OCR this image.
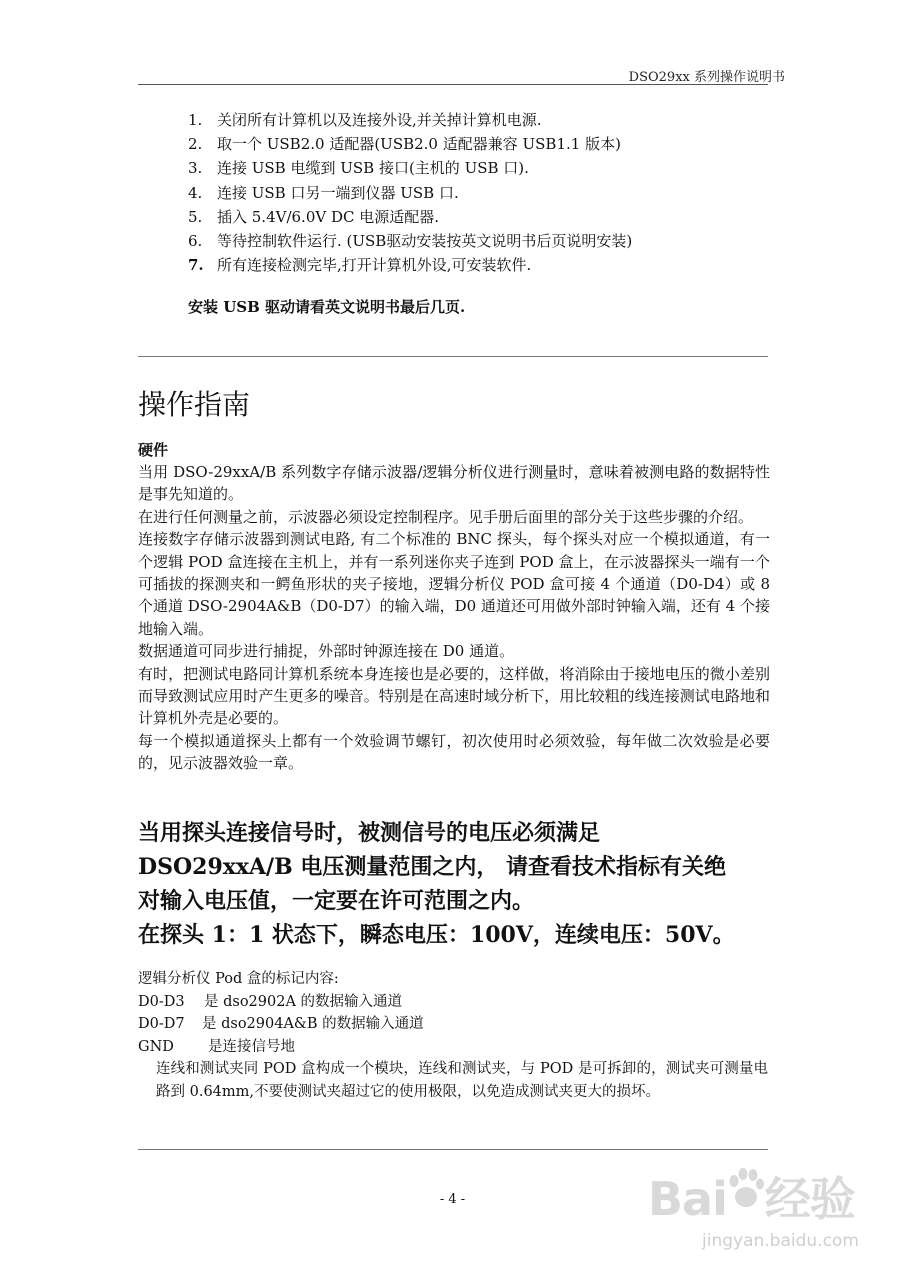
DSO29xx 系列操作说明书
1. 关闭所有计算机以及连接外设,并关掉计算机电源.
2. 取一个 USB2.0 适配器(USB2.0 适配器兼容 USB1.1 版本)
3. 连接 USB 电缆到 USB 接口(主机的 USB 口).
4. 连接 USB 口另一端到仪器 USB 口.
5. 插入 5.4V/6.0V DC 电源适配器.
6. 等待控制软件运行. (USB驱动安装按英文说明书后页说明安装)
7. 所有连接检测完毕,打开计算机外设,可安装软件.
安装 USB 驱动请看英文说明书最后几页.
操作指南
硬件

当用 DSO-29xxA/B 系列数字存储示波器/逻辑分析仪进行测量时，意味着被测电路的数据特性是事先知道的。

在进行任何测量之前，示波器必须设定控制程序。见手册后面里的部分关于这些步骤的介绍。

连接数字存储示波器到测试电路, 有二个标准的 BNC 探头，每个探头对应一个模拟通道，有一个逻辑 POD 盒连接在主机上，并有一系列迷你夹子连到 POD 盒上，在示波器探头一端有一个可插拔的探测夹和一鳄鱼形状的夹子接地，逻辑分析仪 POD 盒可接 4 个通道（D0-D4）或 8 个通道 DSO-2904A&B（D0-D7）的输入端，D0 通道还可用做外部时钟输入端，还有 4 个接地输入端。

数据通道可同步进行捕捉，外部时钟源连接在 D0 通道。

有时，把测试电路同计算机系统本身连接也是必要的，这样做，将消除由于接地电压的微小差别而导致测试应用时产生更多的噪音。特别是在高速时域分析下，用比较粗的线连接测试电路地和计算机外壳是必要的。

每一个模拟通道探头上都有一个效验调节螺钉，初次使用时必须效验，每年做二次效验是必要的，见示波器效验一章。

当用探头连接信号时，被测信号的电压必须满足
DSO29xxA/B 电压测量范围之内， 请查看技术指标有关绝
对输入电压值，一定要在许可范围之内。
在探头 1：1 状态下，瞬态电压：100V，连续电压：50V。
逻辑分析仪 Pod 盒的标记内容:
D0-D3 是 dso2902A 的数据输入通道
D0-D7 是 dso2904A&B 的数据输入通道
GND 是连接信号地
连线和测试夹同 POD 盒构成一个模块，连线和测试夹，与 POD 是可拆卸的，测试夹可测量电路到 0.64mm,不要使测试夹超过它的使用极限，以免造成测试夹更大的损坏。
- 4 -	Bai 经验
jingyan.baidu.com
